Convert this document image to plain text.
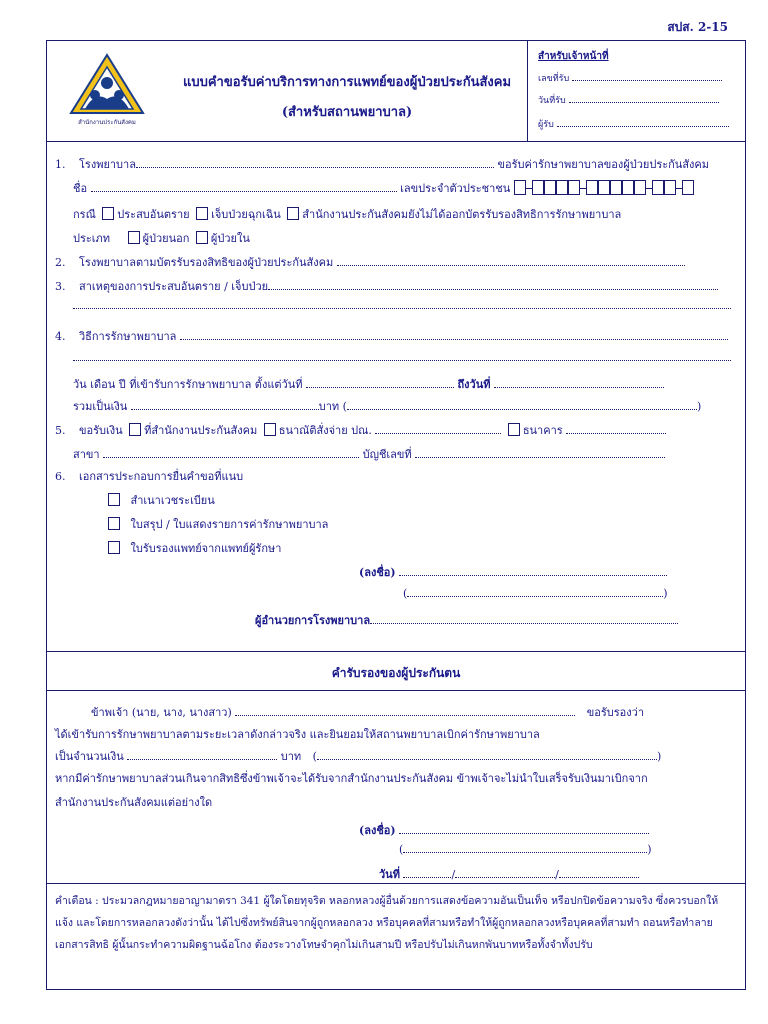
สปส. 2-15
สำนักงานประกันสังคม
แบบคำขอรับค่าบริการทางการแพทย์ของผู้ป่วยประกันสังคม
(สำหรับสถานพยาบาล)
สำหรับเจ้าหน้าที่
เลขที่รับ
วันที่รับ
ผู้รับ
1. โรงพยาบาล	ขอรับค่ารักษาพยาบาลของผู้ป่วยประกันสังคม
ชื่อ	เลขประจำตัวประชาชน
กรณี ประสบอันตราย เจ็บป่วยฉุกเฉิน สำนักงานประกันสังคมยังไม่ได้ออกบัตรรับรองสิทธิการรักษาพยาบาล
ประเภท	ผู้ป่วยนอก ผู้ป่วยใน
2. โรงพยาบาลตามบัตรรับรองสิทธิของผู้ป่วยประกันสังคม
3. สาเหตุของการประสบอันตราย / เจ็บป่วย
4. วิธีการรักษาพยาบาล
วัน เดือน ปี ที่เข้ารับการรักษาพยาบาล ตั้งแต่วันที่	ถึงวันที่
รวมเป็นเงิน	บาท (	)
5. ขอรับเงิน ที่สำนักงานประกันสังคม ธนาณัติสั่งจ่าย ปณ.	ธนาคาร
สาขา	บัญชีเลขที่
6. เอกสารประกอบการยื่นคำขอที่แนบ
สำเนาเวชระเบียน
ใบสรุป / ใบแสดงรายการค่ารักษาพยาบาล
ใบรับรองแพทย์จากแพทย์ผู้รักษา
(ลงชื่อ)
(	)
ผู้อำนวยการโรงพยาบาล
คำรับรองของผู้ประกันตน
ข้าพเจ้า (นาย, นาง, นางสาว)	ขอรับรองว่า
ได้เข้ารับการรักษาพยาบาลตามระยะเวลาดังกล่าวจริง และยินยอมให้สถานพยาบาลเบิกค่ารักษาพยาบาล
เป็นจำนวนเงิน	บาท (	)
หากมีค่ารักษาพยาบาลส่วนเกินจากสิทธิซึ่งข้าพเจ้าจะได้รับจากสำนักงานประกันสังคม ข้าพเจ้าจะไม่นำใบเสร็จรับเงินมาเบิกจาก
สำนักงานประกันสังคมแต่อย่างใด
(ลงชื่อ)
(	)
วันที่	/	/
คำเตือน : ประมวลกฎหมายอาญามาตรา 341 ผู้ใดโดยทุจริต หลอกหลวงผู้อื่นด้วยการแสดงข้อความอันเป็นเท็จ หรือปกปิดข้อความจริง ซึ่งควรบอกให้แจ้ง และโดยการหลอกลวงดังว่านั้น ได้ไปซึ่งทรัพย์สินจากผู้ถูกหลอกลวง หรือบุคคลที่สามหรือทำให้ผู้ถูกหลอกลวงหรือบุคคลที่สามทำ ถอนหรือทำลายเอกสารสิทธิ ผู้นั้นกระทำความผิดฐานฉ้อโกง ต้องระวางโทษจำคุกไม่เกินสามปี หรือปรับไม่เกินหกพันบาทหรือทั้งจำทั้งปรับ
